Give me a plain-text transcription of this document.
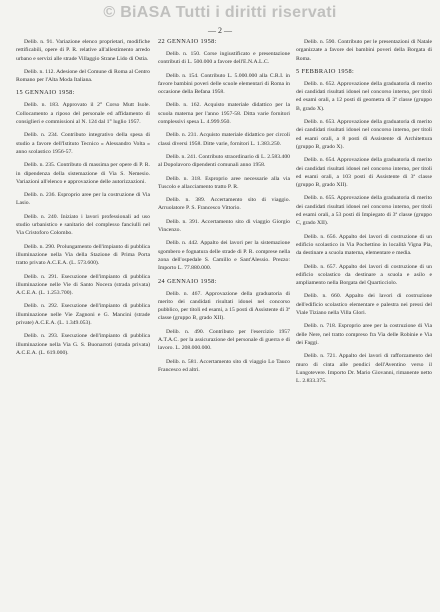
© BiASA Tutti i diritti riservati
— 2 —

Delib. n. 91. Variazione elenco proprietari, modifiche rettificabili, opere di P. R. relative all'allestimento arredo urbano e servizi alle strade Villaggio Strane Lido di Ostia.

Delib. n. 112. Adesione del Comune di Roma al Centro Romano per l'Alta Moda Italiana.

15 GENNAIO 1958:

Delib. n. 183. Approvato il 2° Corso Mutt Isole. Collocamento a riposo del personale ed affidamento di consiglieri e commissioni al N. 124 dal 1° luglio 1957.

Delib. n. 234. Contributo integrativo della spesa di studio a favore dell'Istituto Tecnico « Alessandro Volta » anno scolastico 1956-57.

Delib. n. 235. Contributo di massima per opere di P. R. in dipendenza della sistemazione di Via S. Nemesio. Variazioni all'elenco e approvazione delle autorizzazioni.

Delib. n. 236. Esproprio aree per la costruzione di Via Lasio.

Delib. n. 240. Iniziato i lavori professionali ad uso studio urbanistico e sanitario del complesso fanciulli nel Via Cristoforo Colombo.

Delib. n. 290. Prolungamento dell'impianto di pubblica illuminazione nella Via della Stazione di Prima Porta tratto privato A.C.E.A. (L. 573.600).

Delib. n. 291. Esecuzione dell'impianto di pubblica illuminazione nelle Vie di Santo Nocera (strada privata) A.C.E.A. (L. 1.253.700).

Delib. n. 292. Esecuzione dell'impianto di pubblica illuminazione nelle Vie Zagnoni e G. Mancini (strade private) A.C.E.A. (L. 1.349.053).

Delib. n. 293. Esecuzione dell'impianto di pubblica illuminazione nella Via G. S. Buonarroti (strada privata) A.C.E.A. (L. 619.000).

22 GENNAIO 1958:

Delib. n. 150. Corse ingiustificato e presentazione contributi di L. 500.000 a favore dell'E.N.A.L.C.

Delib. n. 154. Contributo L. 5.000.000 alla C.R.I. in favore bambini poveri delle scuole elementari di Roma in occasione della Befana 1958.

Delib. n. 162. Acquisto materiale didattico per la scuola materna per l'anno 1957-58. Ditta varie fornitori complessivi spesa L. 4.999.950.

Delib. n. 231. Acquisto materiale didattico per circoli classi diversi 1958. Ditte varie, fornitori L. 1.383.250.

Delib. n. 241. Contributo straordinario di L. 2.583.400 al Dopolavoro dipendenti comunali anno 1958.

Delib. n. 318. Esproprio aree necessarie alla via Tuscolo e allacciamento tratto P. R.

Delib. n. 389. Accertamento sito di viaggio. Arruolatore P. S. Francesco Vittorio.

Delib. n. 391. Accertamento sito di viaggio Giorgio Vincenzo.

Delib. n. 442. Appalto dei lavori per la sistemazione sgombero e fognatura delle strade di P. R. comprese nella zona dell'ospedale S. Camillo e Sant'Alessio. Prezzo: Importo L. 77.880.000.

24 GENNAIO 1958:

Delib. n. 467. Approvazione della graduatoria di merito dei candidati risultati idonei nel concorso pubblico, per titoli ed esami, a 15 posti di Assistente di 3ª classe (gruppo B, grado XII).

Delib. n. 490. Contributo per l'esercizio 1957 A.T.A.C. per la assicurazione del personale di guerra e di lavoro. L. 208.000.000.

Delib. n. 581. Accertamento sito di viaggio Lo Tauco Francesco ed altri.

Delib. n. 590. Contributo per le presentazioni di Natale organizzate a favore dei bambini poveri della Borgata di Roma.

5 FEBBRAIO 1958:

Delib. n. 652. Approvazione della graduatoria di merito dei candidati risultati idonei nel concorso interno, per titoli ed esami orali, a 12 posti di geometra di 3ª classe (gruppo B, grado X).

Delib. n. 653. Approvazione della graduatoria di merito dei candidati risultati idonei nel concorso interno, per titoli ed esami orali, a 8 posti di Assistente di Architettura (gruppo B, grado X).

Delib. n. 654. Approvazione della graduatoria di merito dei candidati risultati idonei nel concorso interno, per titoli ed esami orali, a 103 posti di Assistente di 3ª classe (gruppo B, grado XII).

Delib. n. 655. Approvazione della graduatoria di merito dei candidati risultati idonei nel concorso interno, per titoli ed esami orali, a 53 posti di Impiegato di 3ª classe (gruppo C, grado XII).

Delib. n. 656. Appalto dei lavori di costruzione di un edificio scolastico in Via Pochettino in località Vigna Pia, da destinare a scuola materna, elementare e media.

Delib. n. 657. Appalto dei lavori di costruzione di un edificio scolastico da destinare a scuola e asilo e ampliamento nella Borgata del Quarticciolo.

Delib. n. 660. Appalto dei lavori di costruzione dell'edificio scolastico elementare e palestra nei pressi del Viale Tiziano nella Villa Glori.

Delib. n. 718. Esproprio aree per la costruzione di Via delle Nere, nel tratto compreso fra Via delle Robinie e Via dei Faggi.

Delib. n. 721. Appalto dei lavori di rafforzamento del muro di cinta alle pendici dell'Aventino verso il Lungotevere. Importo Dr. Mario Giovanni, rimanente netto L. 2.833.375.
